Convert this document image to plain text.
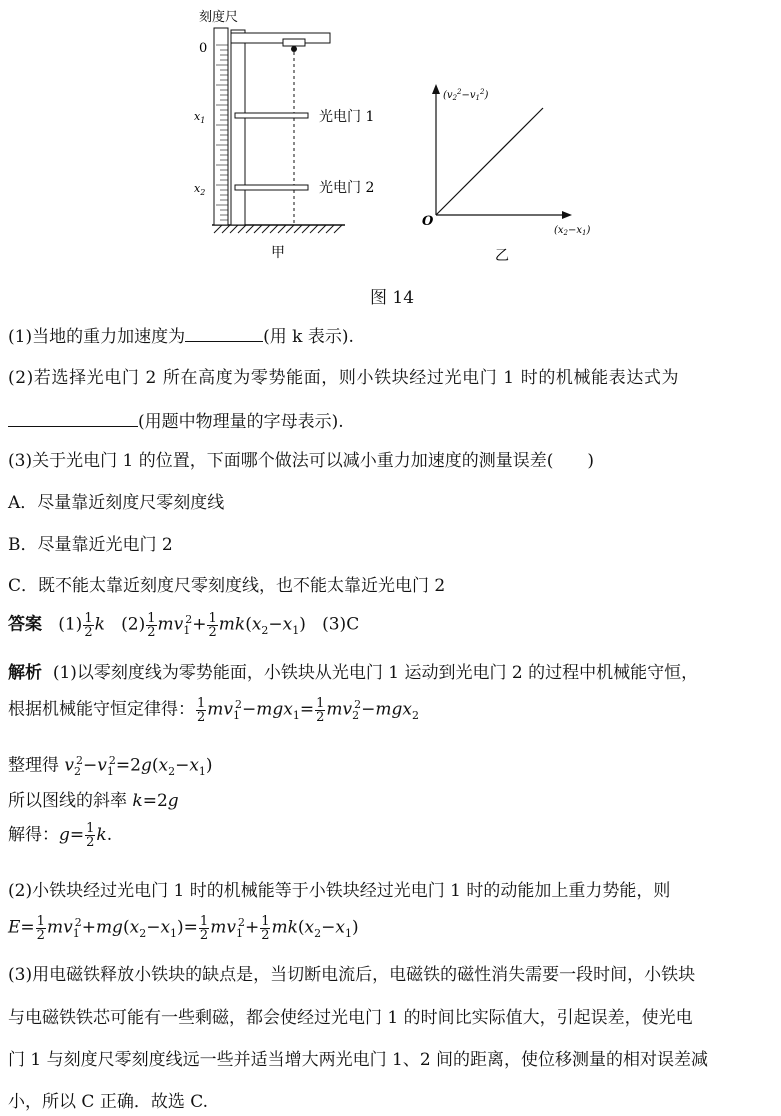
刻度尺
0
$x_1$
$x_2$
光电门 1
光电门 2
甲
O
$(v_2^2-v_1^2)$
$(x_2-x_1)$
乙
图 14
(1)当地的重力加速度为	(用 k 表示).
(2)若选择光电门 2 所在高度为零势能面，则小铁块经过光电门 1 时的机械能表达式为
(用题中物理量的字母表示).
(3)关于光电门 1 的位置，下面哪个做法可以减小重力加速度的测量误差(　　)
A．尽量靠近刻度尺零刻度线
B．尽量靠近光电门 2
C．既不能太靠近刻度尺零刻度线，也不能太靠近光电门 2
答案 $(1) \frac{1}{2}$ k $(2) \frac{1}{2} mv_1^2+ \frac{1}{2} mk(x_2-x_1)$   (3)C
解析 (1)以零刻度线为零势能面，小铁块从光电门 1 运动到光电门 2 的过程中机械能守恒，
根据机械能守恒定律得： $\frac{1}{2} mv_1^2-mgx_1= \frac{1}{2} mv_2^2-mgx_2$
整理得 $v_2^2-v_1^2=2g(x_2-x_1)$
所以图线的斜率 k=2g
解得：$g= \frac{1}{2} k$.
(2)小铁块经过光电门 1 时的机械能等于小铁块经过光电门 1 时的动能加上重力势能，则
$E= \frac{1}{2} mv_1^2+mg(x_2-x_1)= \frac{1}{2} mv_1^2+ \frac{1}{2} mk(x_2-x_1)$
(3)用电磁铁释放小铁块的缺点是，当切断电流后，电磁铁的磁性消失需要一段时间，小铁块
与电磁铁铁芯可能有一些剩磁，都会使经过光电门 1 的时间比实际值大，引起误差，使光电
门 1 与刻度尺零刻度线远一些并适当增大两光电门 1、2 间的距离，使位移测量的相对误差减
小，所以 C 正确．故选 C.
